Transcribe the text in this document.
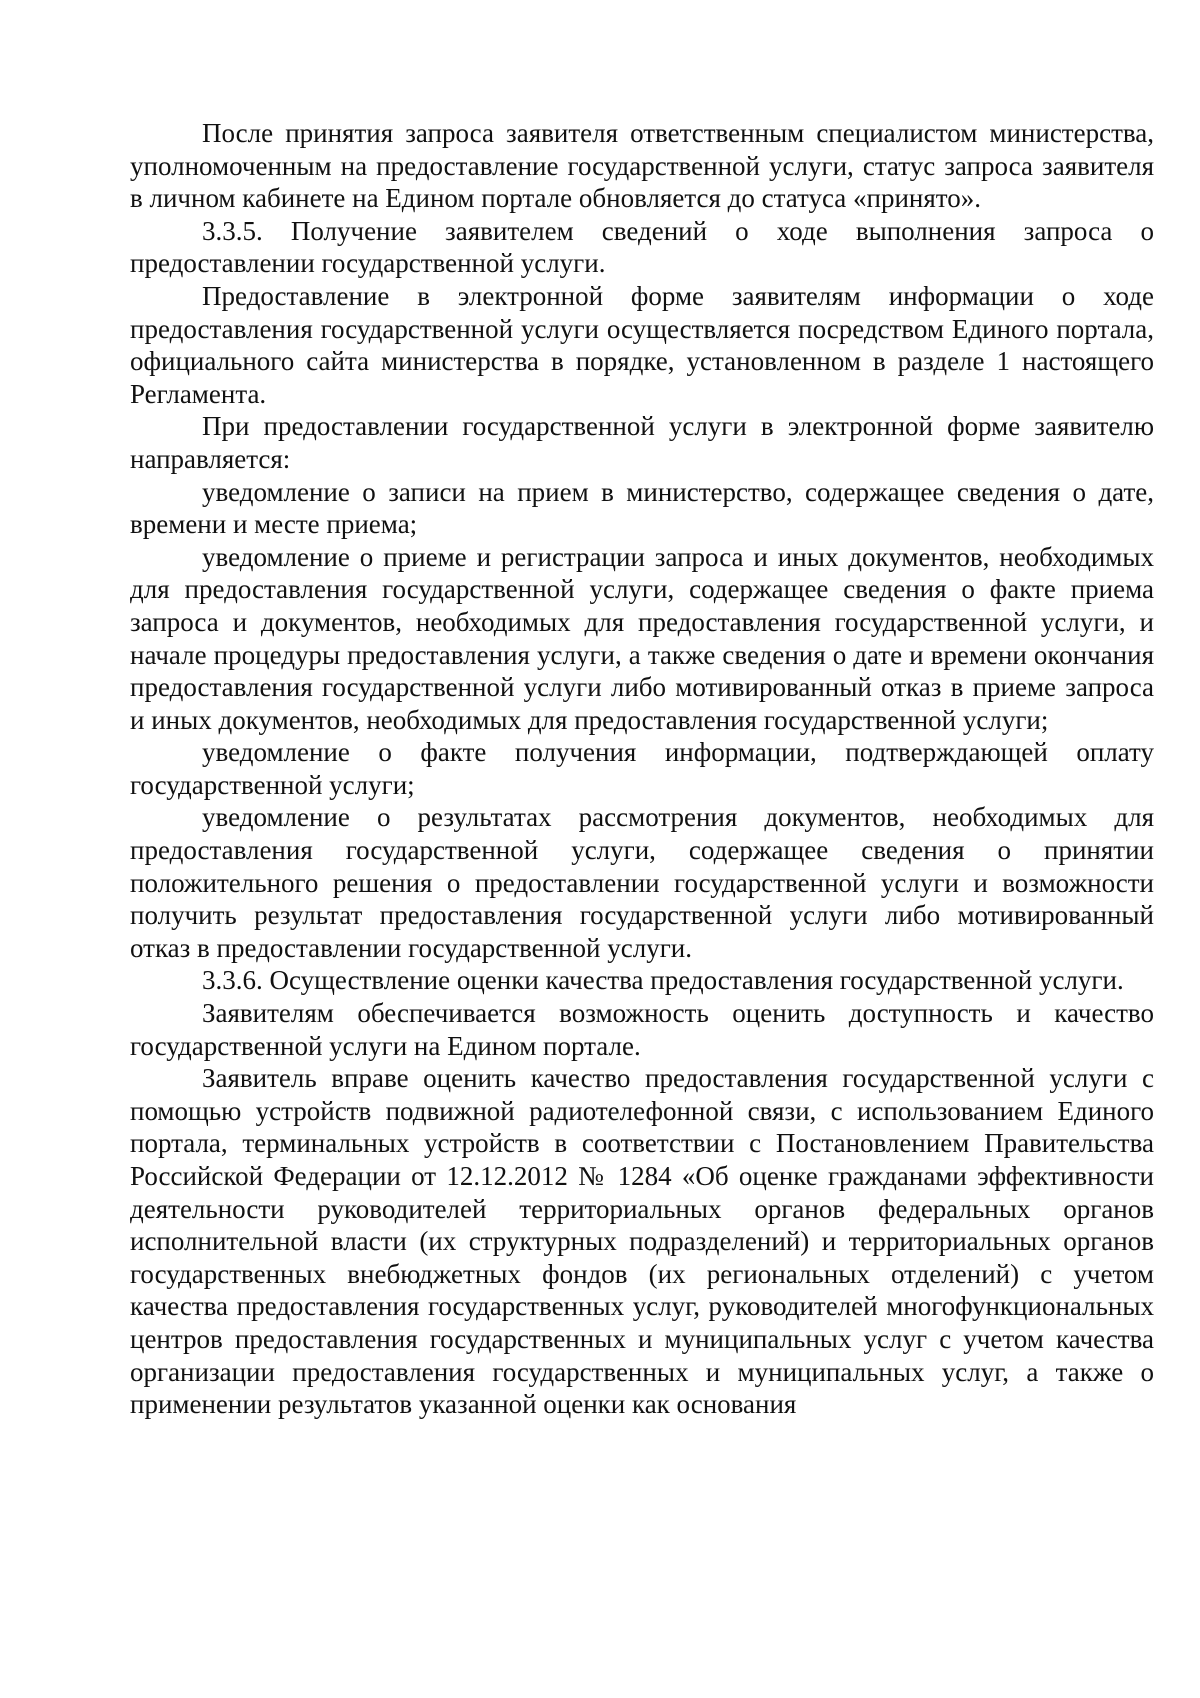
После принятия запроса заявителя ответственным специалистом министерства, уполномоченным на предоставление государственной услуги, статус запроса заявителя в личном кабинете на Едином портале обновляется до статуса «принято».

3.3.5. Получение заявителем сведений о ходе выполнения запроса о предоставлении государственной услуги.

Предоставление в электронной форме заявителям информации о ходе предоставления государственной услуги осуществляется посредством Единого портала, официального сайта министерства в порядке, установленном в разделе 1 настоящего Регламента.

При предоставлении государственной услуги в электронной форме заявителю направляется:

уведомление о записи на прием в министерство, содержащее сведения о дате, времени и месте приема;

уведомление о приеме и регистрации запроса и иных документов, необходимых для предоставления государственной услуги, содержащее сведения о факте приема запроса и документов, необходимых для предоставления государственной услуги, и начале процедуры предоставления услуги, а также сведения о дате и времени окончания предоставления государственной услуги либо мотивированный отказ в приеме запроса и иных документов, необходимых для предоставления государственной услуги;

уведомление о факте получения информации, подтверждающей оплату государственной услуги;

уведомление о результатах рассмотрения документов, необходимых для предоставления государственной услуги, содержащее сведения о принятии положительного решения о предоставлении государственной услуги и возможности получить результат предоставления государственной услуги либо мотивированный отказ в предоставлении государственной услуги.

3.3.6. Осуществление оценки качества предоставления государственной услуги.

Заявителям обеспечивается возможность оценить доступность и качество государственной услуги на Едином портале.

Заявитель вправе оценить качество предоставления государственной услуги с помощью устройств подвижной радиотелефонной связи, с использованием Единого портала, терминальных устройств в соответствии с Постановлением Правительства Российской Федерации от 12.12.2012 № 1284 «Об оценке гражданами эффективности деятельности руководителей территориальных органов федеральных органов исполнительной власти (их структурных подразделений) и территориальных органов государственных внебюджетных фондов (их региональных отделений) с учетом качества предоставления государственных услуг, руководителей многофункциональных центров предоставления государственных и муниципальных услуг с учетом качества организации предоставления государственных и муниципальных услуг, а также о применении результатов указанной оценки как основания
